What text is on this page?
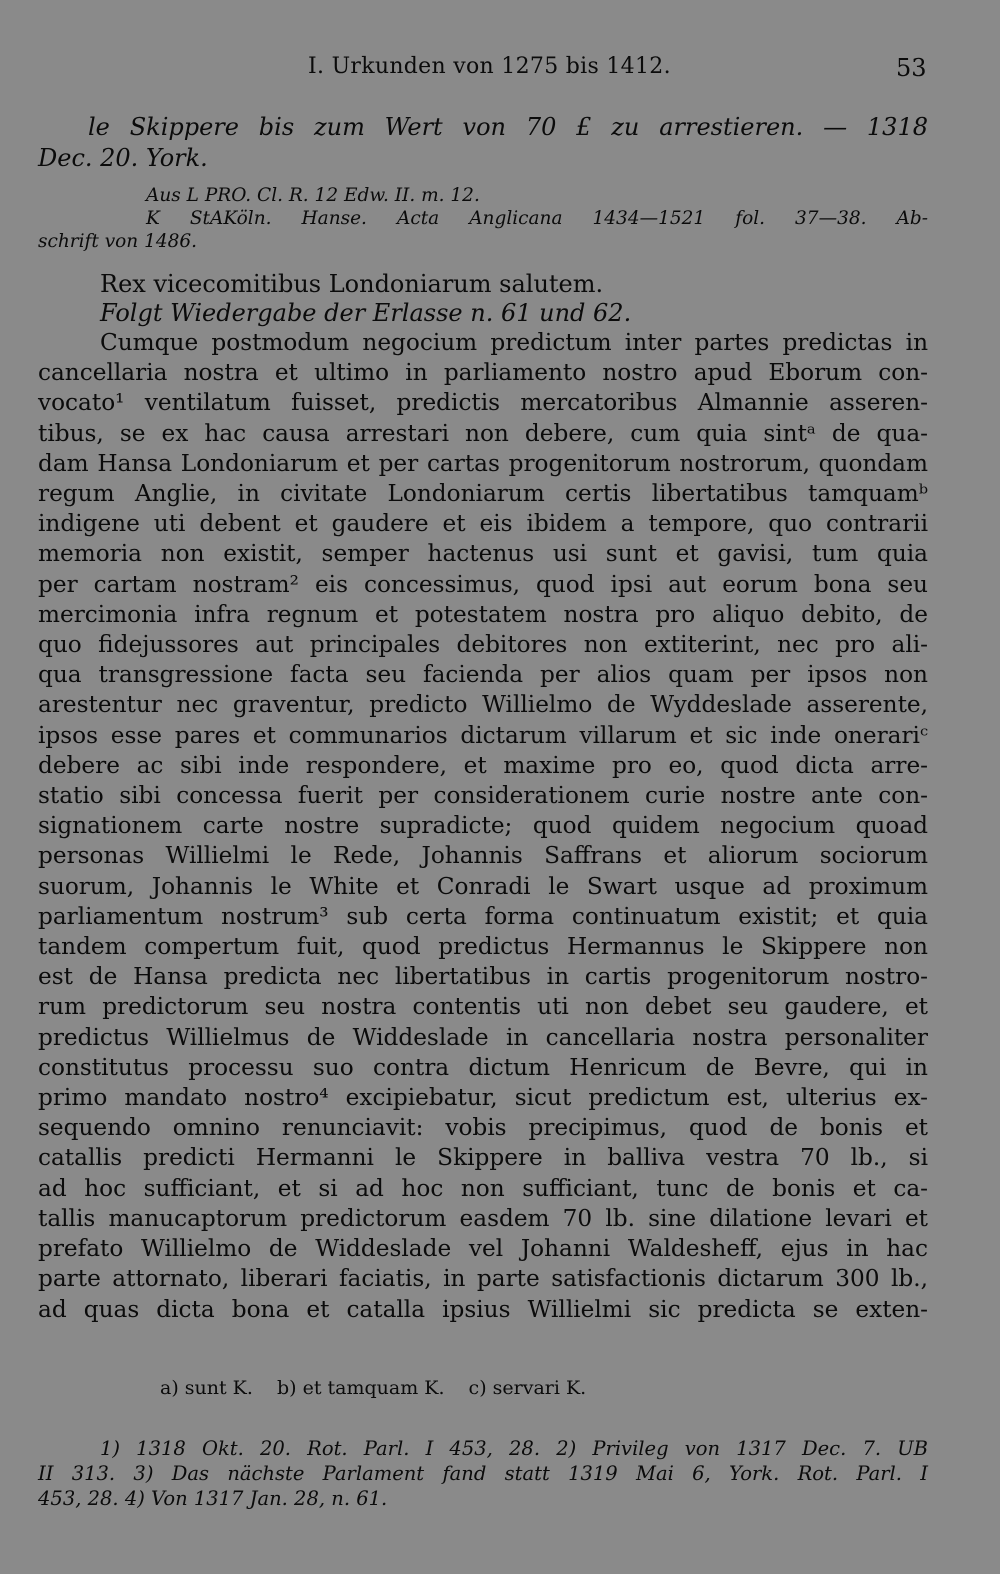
I. Urkunden von 1275 bis 1412.	53
le Skippere bis zum Wert von 70 £ zu arrestieren. — 1318
Dec. 20. York.
Aus L PRO. Cl. R. 12 Edw. II. m. 12.
K StAKöln. Hanse. Acta Anglicana 1434—1521 fol. 37—38. Ab-
schrift von 1486.
Rex vicecomitibus Londoniarum salutem.
Folgt Wiedergabe der Erlasse n. 61 und 62.
Cumque postmodum negocium predictum inter partes predictas in
cancellaria nostra et ultimo in parliamento nostro apud Eborum con-
vocato¹ ventilatum fuisset, predictis mercatoribus Almannie asseren-
tibus, se ex hac causa arrestari non debere, cum quia sintᵃ de qua-
dam Hansa Londoniarum et per cartas progenitorum nostrorum, quondam
regum Anglie, in civitate Londoniarum certis libertatibus tamquamᵇ
indigene uti debent et gaudere et eis ibidem a tempore, quo contrarii
memoria non existit, semper hactenus usi sunt et gavisi, tum quia
per cartam nostram² eis concessimus, quod ipsi aut eorum bona seu
mercimonia infra regnum et potestatem nostra pro aliquo debito, de
quo fidejussores aut principales debitores non extiterint, nec pro ali-
qua transgressione facta seu facienda per alios quam per ipsos non
arestentur nec graventur, predicto Willielmo de Wyddeslade asserente,
ipsos esse pares et communarios dictarum villarum et sic inde onerariᶜ
debere ac sibi inde respondere, et maxime pro eo, quod dicta arre-
statio sibi concessa fuerit per considerationem curie nostre ante con-
signationem carte nostre supradicte; quod quidem negocium quoad
personas Willielmi le Rede, Johannis Saffrans et aliorum sociorum
suorum, Johannis le White et Conradi le Swart usque ad proximum
parliamentum nostrum³ sub certa forma continuatum existit; et quia
tandem compertum fuit, quod predictus Hermannus le Skippere non
est de Hansa predicta nec libertatibus in cartis progenitorum nostro-
rum predictorum seu nostra contentis uti non debet seu gaudere, et
predictus Willielmus de Widdeslade in cancellaria nostra personaliter
constitutus processu suo contra dictum Henricum de Bevre, qui in
primo mandato nostro⁴ excipiebatur, sicut predictum est, ulterius ex-
sequendo omnino renunciavit: vobis precipimus, quod de bonis et
catallis predicti Hermanni le Skippere in balliva vestra 70 lb., si
ad hoc sufficiant, et si ad hoc non sufficiant, tunc de bonis et ca-
tallis manucaptorum predictorum easdem 70 lb. sine dilatione levari et
prefato Willielmo de Widdeslade vel Johanni Waldesheff, ejus in hac
parte attornato, liberari faciatis, in parte satisfactionis dictarum 300 lb.,
ad quas dicta bona et catalla ipsius Willielmi sic predicta se exten-
a) sunt K. b) et tamquam K. c) servari K.
1) 1318 Okt. 20. Rot. Parl. I 453, 28. 2) Privileg von 1317 Dec. 7. UB
II 313. 3) Das nächste Parlament fand statt 1319 Mai 6, York. Rot. Parl. I
453, 28. 4) Von 1317 Jan. 28, n. 61.
